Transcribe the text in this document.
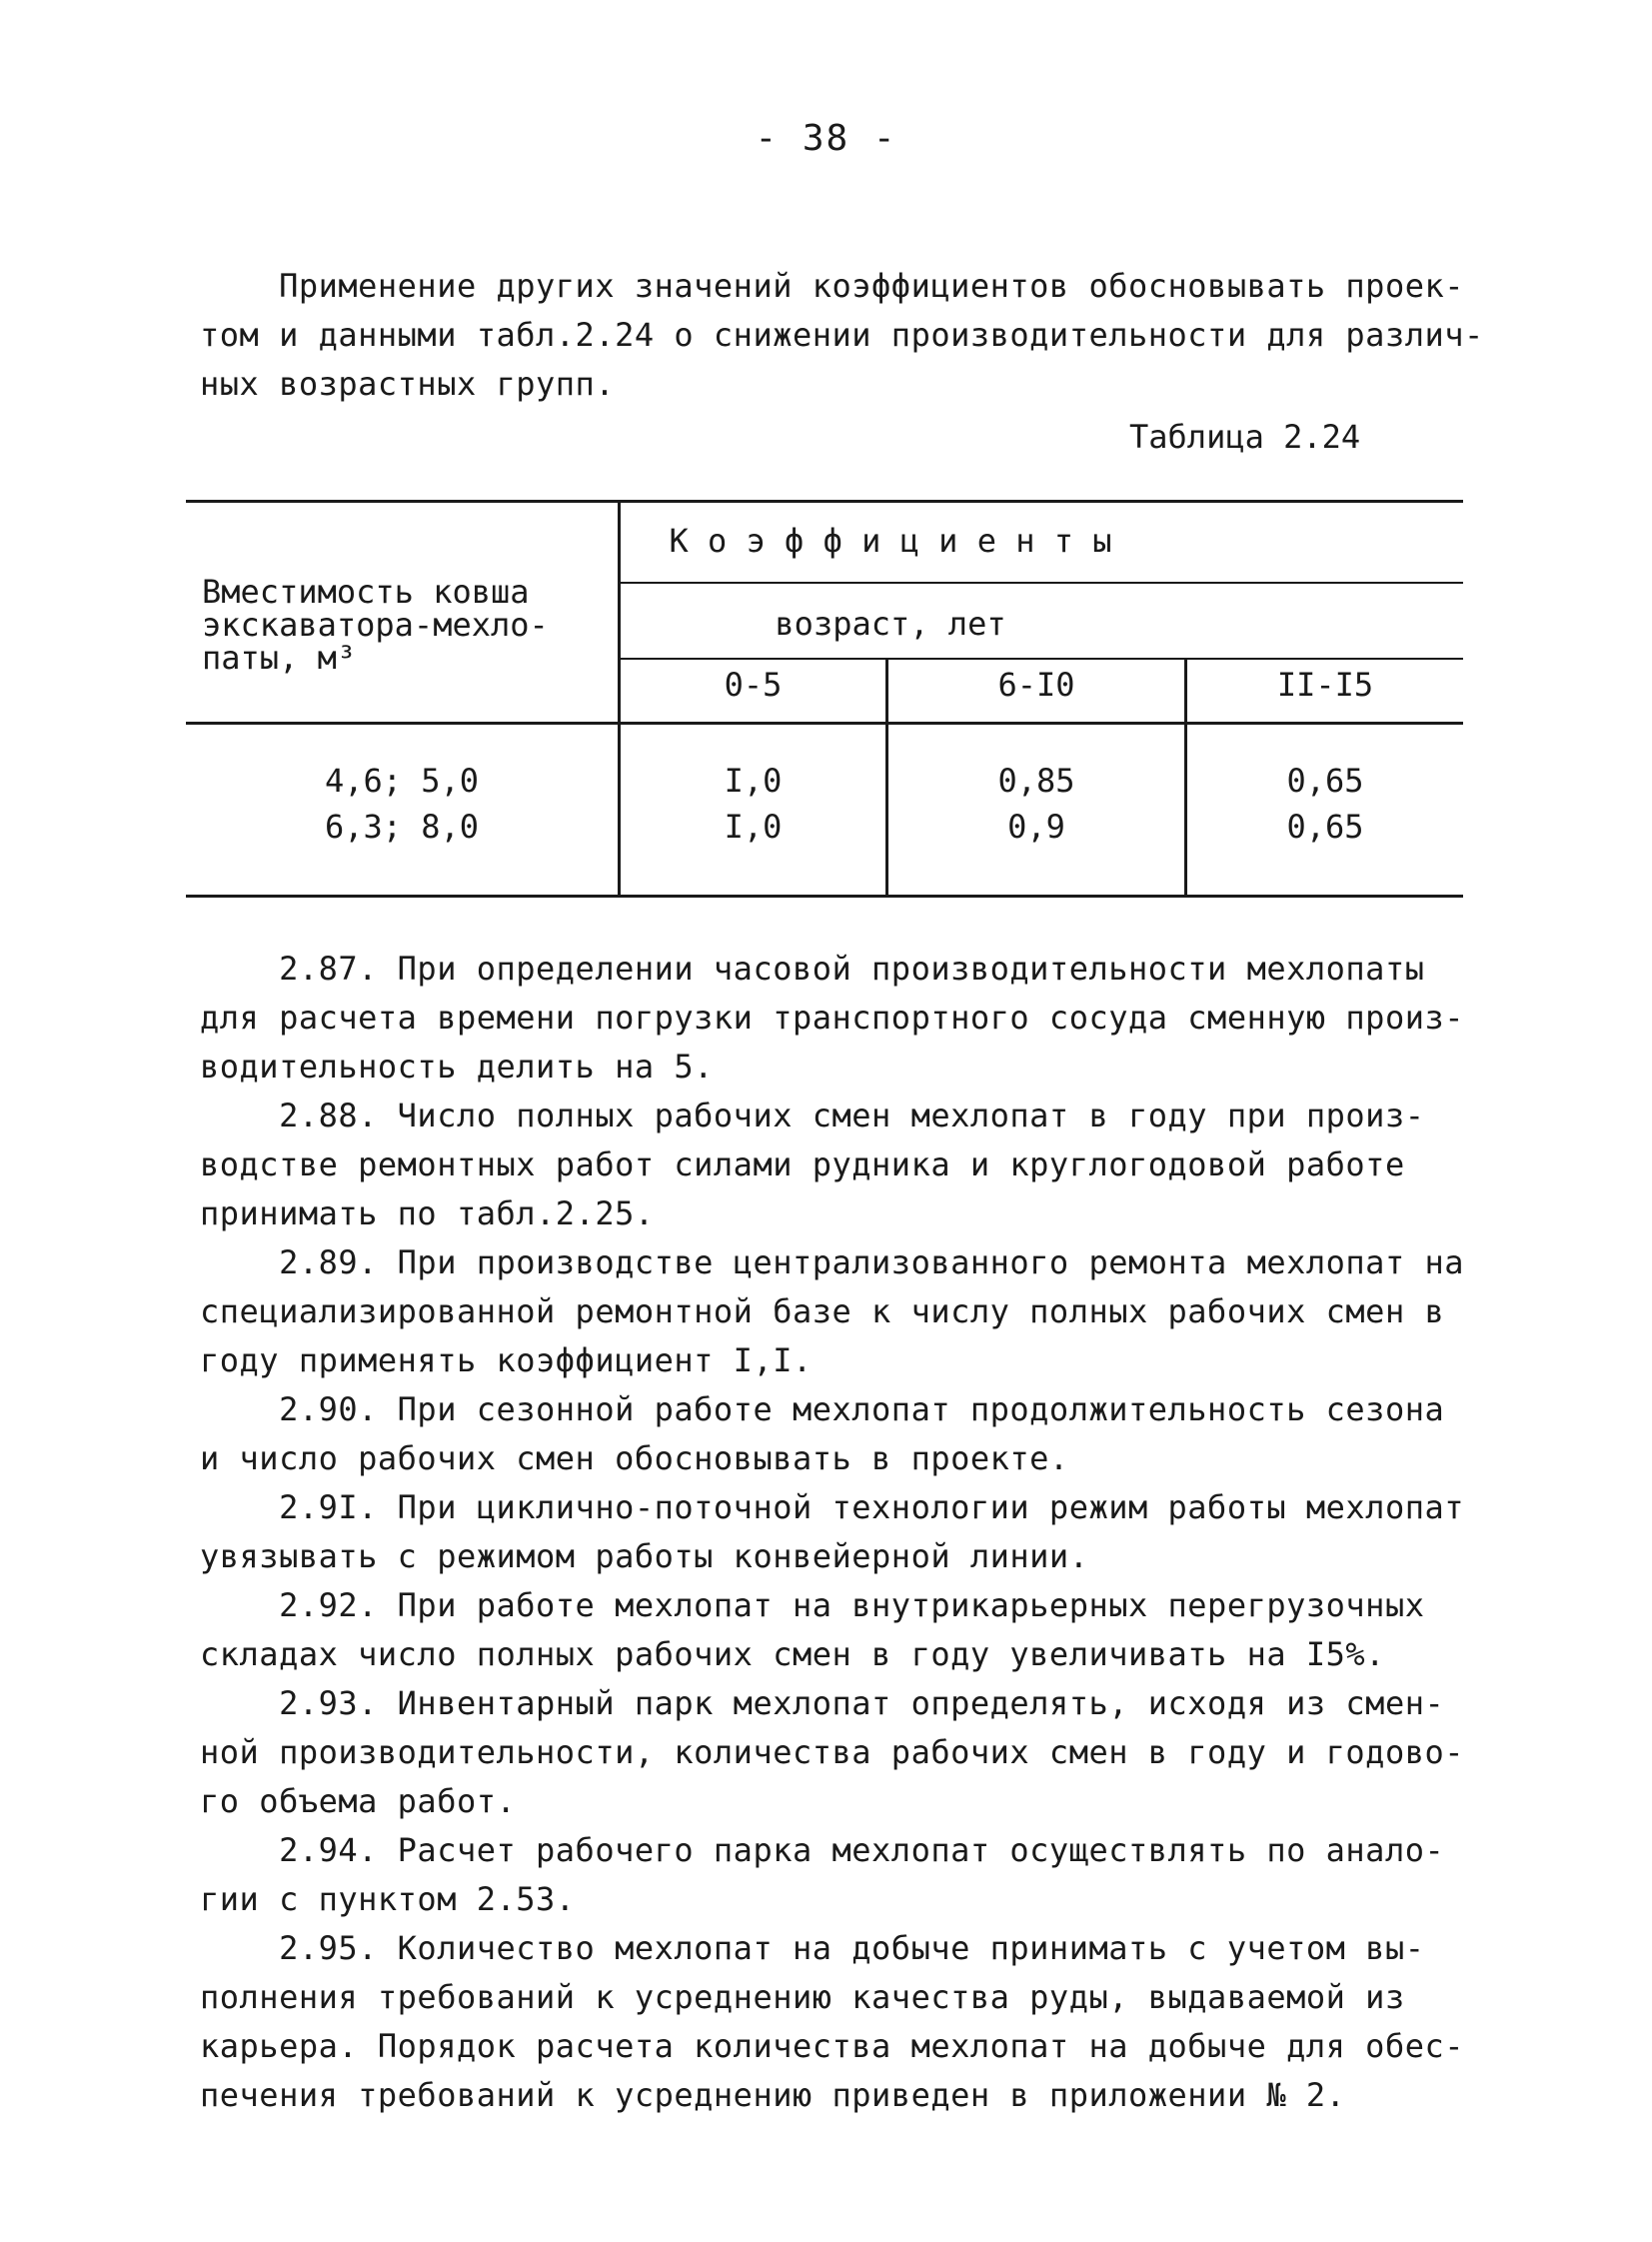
- 38 -
Применение других значений коэффициентов обосновывать проек-
том и данными табл.2.24 о снижении производительности для различ-
ных возрастных групп.
Таблица 2.24
Вместимость ковша
экскаватора-мехло-
паты, м³
К о э ф ф и ц и е н т ы
возраст, лет
0-5	6-I0	II-I5
4,6; 5,0	I,0	0,85	0,65
6,3; 8,0	I,0	0,9	0,65
2.87. При определении часовой производительности мехлопаты
для расчета времени погрузки транспортного сосуда сменную произ-
водительность делить на 5.
2.88. Число полных рабочих смен мехлопат в году при произ-
водстве ремонтных работ силами рудника и круглогодовой работе
принимать по табл.2.25.
2.89. При производстве централизованного ремонта мехлопат на
специализированной ремонтной базе к числу полных рабочих смен в
году применять коэффициент I,I.
2.90. При сезонной работе мехлопат продолжительность сезона
и число рабочих смен обосновывать в проекте.
2.9I. При циклично-поточной технологии режим работы мехлопат
увязывать с режимом работы конвейерной линии.
2.92. При работе мехлопат на внутрикарьерных перегрузочных
складах число полных рабочих смен в году увеличивать на I5%.
2.93. Инвентарный парк мехлопат определять, исходя из смен-
ной производительности, количества рабочих смен в году и годово-
го объема работ.
2.94. Расчет рабочего парка мехлопат осуществлять по анало-
гии с пунктом 2.53.
2.95. Количество мехлопат на добыче принимать с учетом вы-
полнения требований к усреднению качества руды, выдаваемой из
карьера. Порядок расчета количества мехлопат на добыче для обес-
печения требований к усреднению приведен в приложении № 2.
